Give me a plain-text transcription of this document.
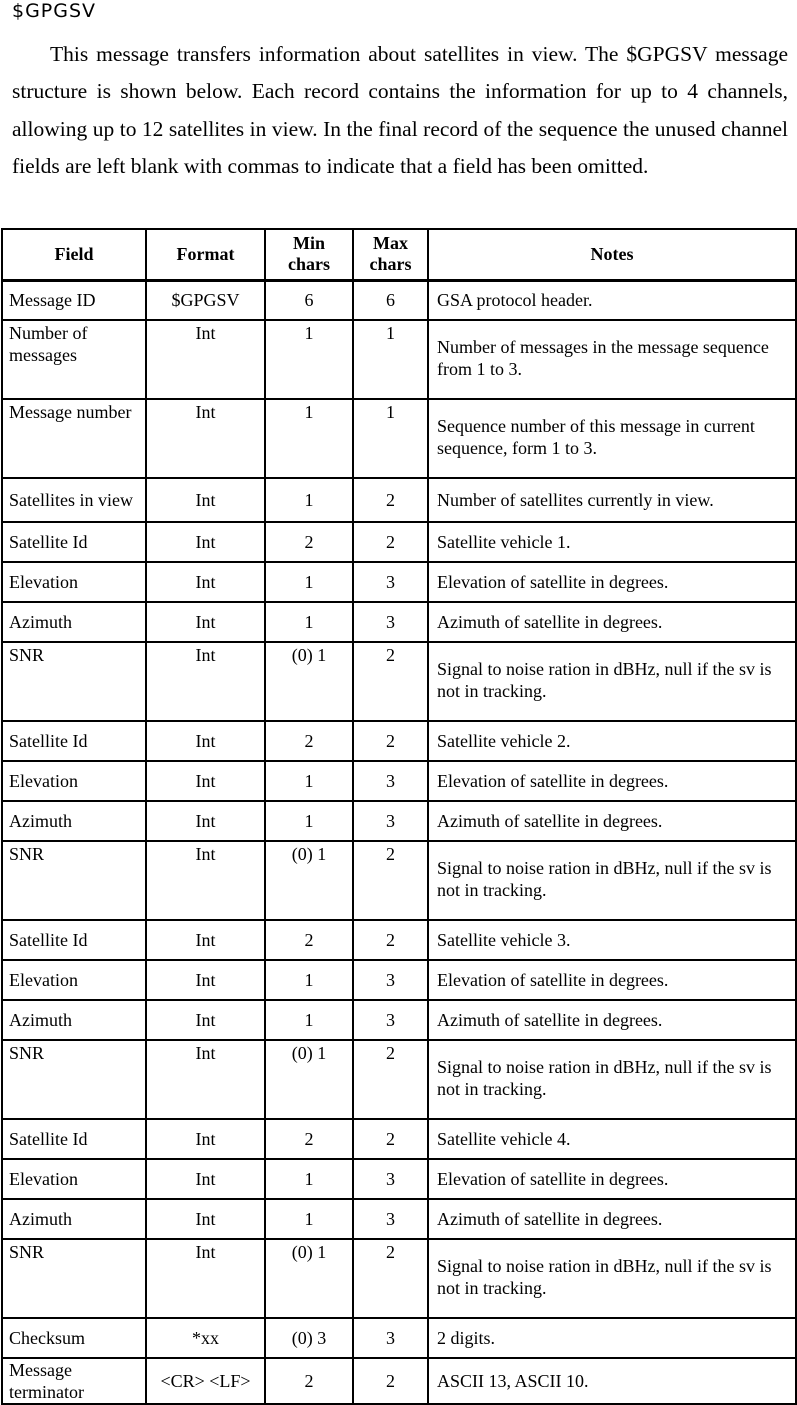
$GPGSV

This message transfers information about satellites in view. The $GPGSV message structure is shown below. Each record contains the information for up to 4 channels, allowing up to 12 satellites in view. In the final record of the sequence the unused channel fields are left blank with commas to indicate that a field has been omitted.

Field	Format	Min chars	Max chars	Notes
Message ID	$GPGSV	6	6	GSA protocol header.
Number of messages	Int	1	1	Number of messages in the message sequence from 1 to 3.
Message number	Int	1	1	Sequence number of this message in current sequence, form 1 to 3.
Satellites in view	Int	1	2	Number of satellites currently in view.
Satellite Id	Int	2	2	Satellite vehicle 1.
Elevation	Int	1	3	Elevation of satellite in degrees.
Azimuth	Int	1	3	Azimuth of satellite in degrees.
SNR	Int	(0) 1	2	Signal to noise ration in dBHz, null if the sv is not in tracking.
Satellite Id	Int	2	2	Satellite vehicle 2.
Elevation	Int	1	3	Elevation of satellite in degrees.
Azimuth	Int	1	3	Azimuth of satellite in degrees.
SNR	Int	(0) 1	2	Signal to noise ration in dBHz, null if the sv is not in tracking.
Satellite Id	Int	2	2	Satellite vehicle 3.
Elevation	Int	1	3	Elevation of satellite in degrees.
Azimuth	Int	1	3	Azimuth of satellite in degrees.
SNR	Int	(0) 1	2	Signal to noise ration in dBHz, null if the sv is not in tracking.
Satellite Id	Int	2	2	Satellite vehicle 4.
Elevation	Int	1	3	Elevation of satellite in degrees.
Azimuth	Int	1	3	Azimuth of satellite in degrees.
SNR	Int	(0) 1	2	Signal to noise ration in dBHz, null if the sv is not in tracking.
Checksum	*xx	(0) 3	3	2 digits.
Message terminator	<CR> <LF>	2	2	ASCII 13, ASCII 10.
